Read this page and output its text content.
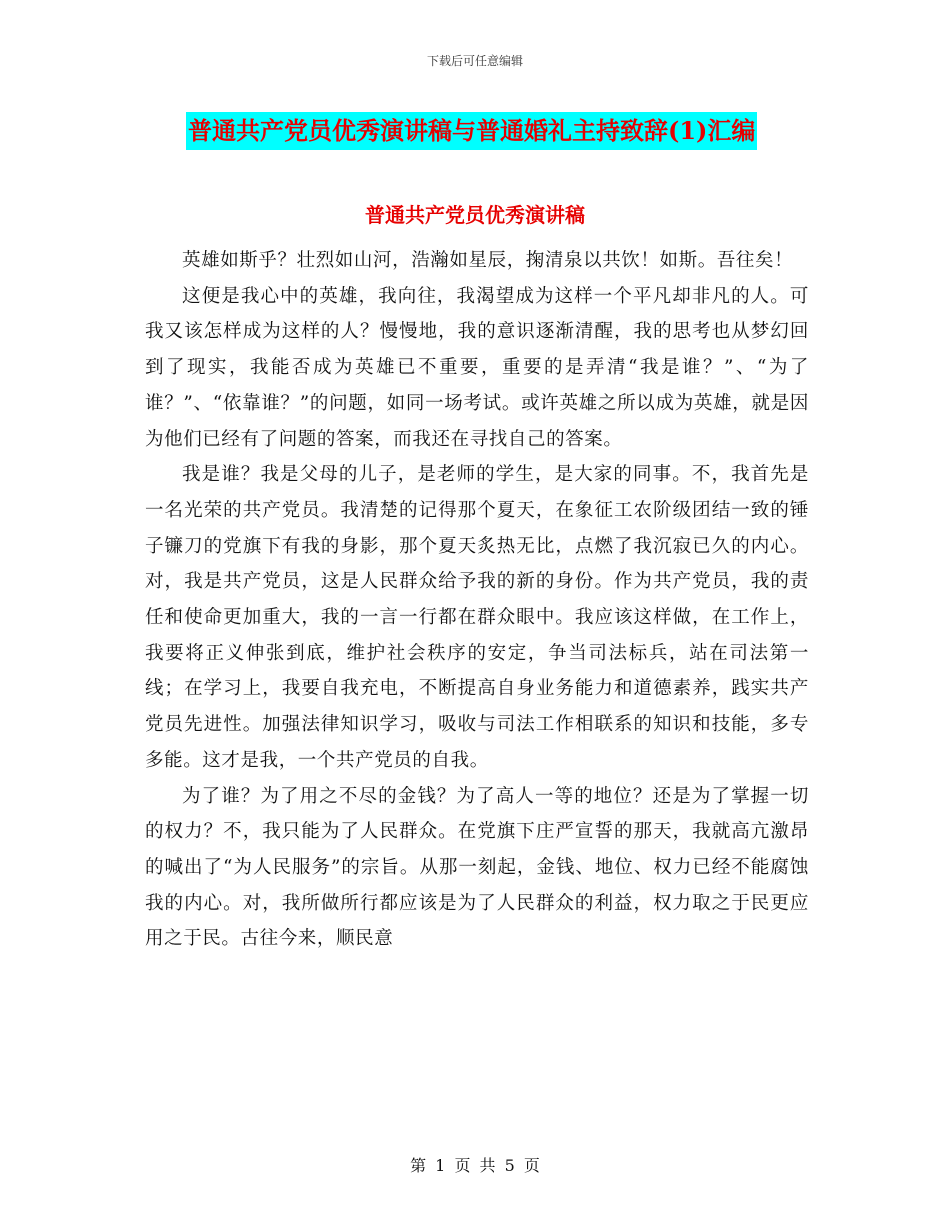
下载后可任意编辑
普通共产党员优秀演讲稿与普通婚礼主持致辞(1)汇编
普通共产党员优秀演讲稿

英雄如斯乎？壮烈如山河，浩瀚如星辰，掬清泉以共饮！如斯。吾往矣！

这便是我心中的英雄，我向往，我渴望成为这样一个平凡却非凡的人。可我又该怎样成为这样的人？慢慢地，我的意识逐渐清醒，我的思考也从梦幻回到了现实，我能否成为英雄已不重要，重要的是弄清“我是谁？”、“为了谁？”、“依靠谁？”的问题，如同一场考试。或许英雄之所以成为英雄，就是因为他们已经有了问题的答案，而我还在寻找自己的答案。

我是谁？我是父母的儿子，是老师的学生，是大家的同事。不，我首先是一名光荣的共产党员。我清楚的记得那个夏天，在象征工农阶级团结一致的锤子镰刀的党旗下有我的身影，那个夏天炙热无比，点燃了我沉寂已久的内心。对，我是共产党员，这是人民群众给予我的新的身份。作为共产党员，我的责任和使命更加重大，我的一言一行都在群众眼中。我应该这样做，在工作上，我要将正义伸张到底，维护社会秩序的安定，争当司法标兵，站在司法第一线；在学习上，我要自我充电，不断提高自身业务能力和道德素养，践实共产党员先进性。加强法律知识学习，吸收与司法工作相联系的知识和技能，多专多能。这才是我，一个共产党员的自我。

为了谁？为了用之不尽的金钱？为了高人一等的地位？还是为了掌握一切的权力？不，我只能为了人民群众。在党旗下庄严宣誓的那天，我就高亢激昂的喊出了“为人民服务”的宗旨。从那一刻起，金钱、地位、权力已经不能腐蚀我的内心。对，我所做所行都应该是为了人民群众的利益，权力取之于民更应用之于民。古往今来，顺民意

第 1 页 共 5 页
